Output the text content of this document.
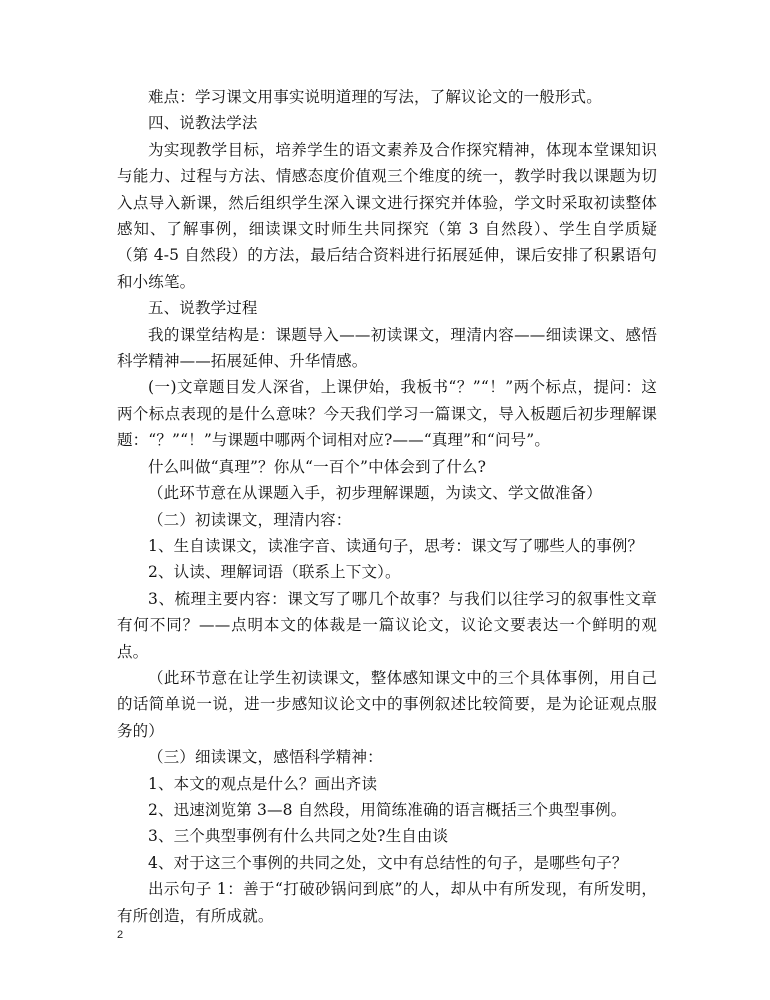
难点：学习课文用事实说明道理的写法，了解议论文的一般形式。

四、说教法学法

为实现教学目标，培养学生的语文素养及合作探究精神，体现本堂课知识与能力、过程与方法、情感态度价值观三个维度的统一，教学时我以课题为切入点导入新课，然后组织学生深入课文进行探究并体验，学文时采取初读整体感知、了解事例，细读课文时师生共同探究（第 3 自然段）、学生自学质疑（第 4-5 自然段）的方法，最后结合资料进行拓展延伸，课后安排了积累语句和小练笔。

五、说教学过程

我的课堂结构是：课题导入——初读课文，理清内容——细读课文、感悟科学精神——拓展延伸、升华情感。

(一)文章题目发人深省，上课伊始，我板书“？”“！”两个标点，提问：这两个标点表现的是什么意味？今天我们学习一篇课文，导入板题后初步理解课题：“？”“！”与课题中哪两个词相对应?——“真理”和“问号”。

什么叫做“真理”？你从“一百个”中体会到了什么?

（此环节意在从课题入手，初步理解课题，为读文、学文做准备）

（二）初读课文，理清内容：

1、生自读课文，读准字音、读通句子，思考：课文写了哪些人的事例？

2、认读、理解词语（联系上下文）。

3、梳理主要内容：课文写了哪几个故事？与我们以往学习的叙事性文章有何不同？——点明本文的体裁是一篇议论文，议论文要表达一个鲜明的观点。

（此环节意在让学生初读课文，整体感知课文中的三个具体事例，用自己的话简单说一说，进一步感知议论文中的事例叙述比较简要，是为论证观点服务的）

（三）细读课文，感悟科学精神：

1、本文的观点是什么？画出齐读

2、迅速浏览第 3—8 自然段，用简练准确的语言概括三个典型事例。

3、三个典型事例有什么共同之处?生自由谈

4、对于这三个事例的共同之处，文中有总结性的句子，是哪些句子？

出示句子 1：善于“打破砂锅问到底”的人，却从中有所发现，有所发明，有所创造，有所成就。

2
